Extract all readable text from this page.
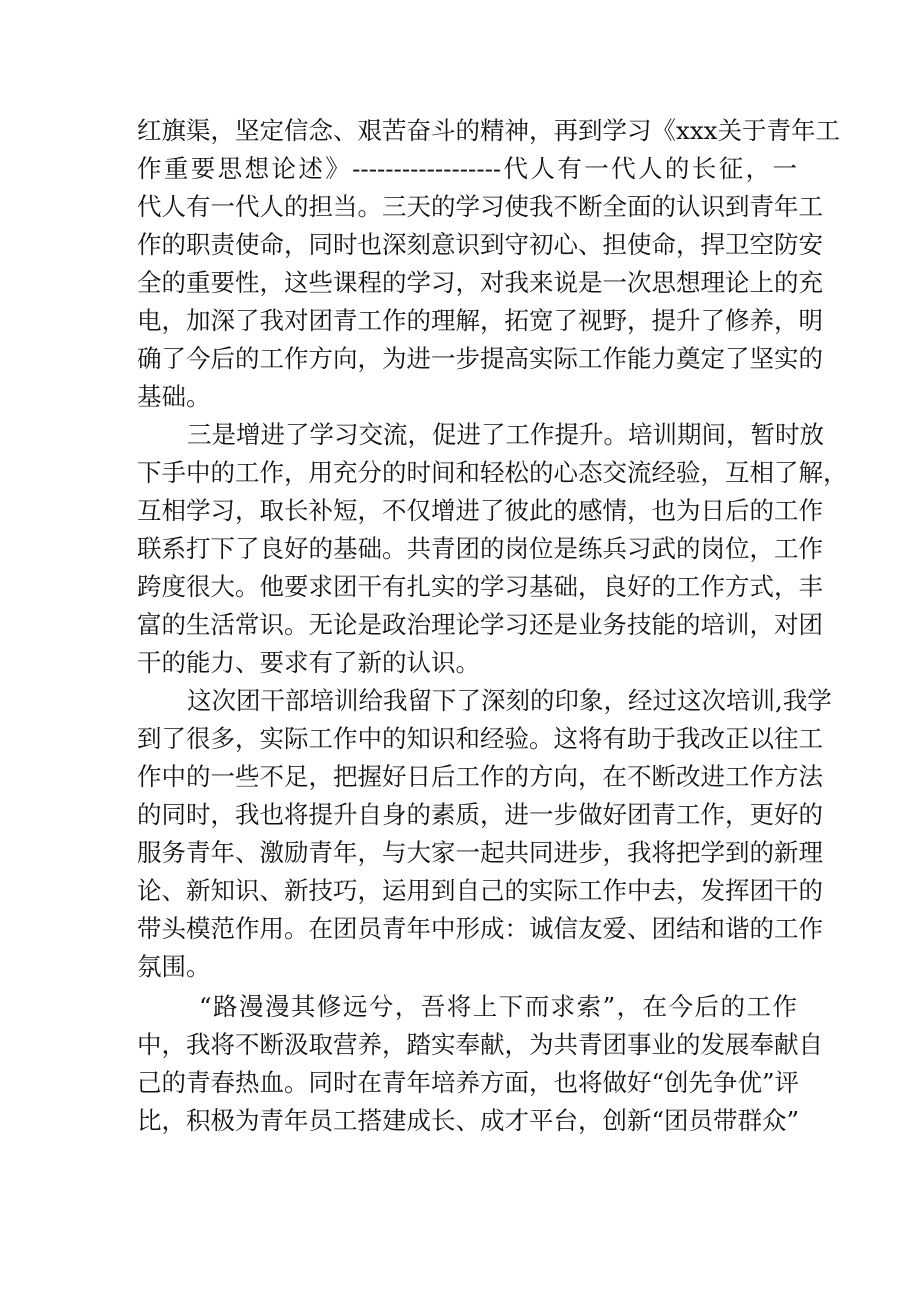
红旗渠，坚定信念、艰苦奋斗的精神，再到学习《xxx关于青年工
作重要思想论述》------------------代人有一代人的长征，一
代人有一代人的担当。三天的学习使我不断全面的认识到青年工
作的职责使命，同时也深刻意识到守初心、担使命，捍卫空防安
全的重要性，这些课程的学习，对我来说是一次思想理论上的充
电，加深了我对团青工作的理解，拓宽了视野，提升了修养，明
确了今后的工作方向，为进一步提高实际工作能力奠定了坚实的
基础。
三是增进了学习交流，促进了工作提升。培训期间，暂时放
下手中的工作，用充分的时间和轻松的心态交流经验，互相了解，
互相学习，取长补短，不仅增进了彼此的感情，也为日后的工作
联系打下了良好的基础。共青团的岗位是练兵习武的岗位，工作
跨度很大。他要求团干有扎实的学习基础，良好的工作方式，丰
富的生活常识。无论是政治理论学习还是业务技能的培训，对团
干的能力、要求有了新的认识。
这次团干部培训给我留下了深刻的印象，经过这次培训,我学
到了很多，实际工作中的知识和经验。这将有助于我改正以往工
作中的一些不足，把握好日后工作的方向，在不断改进工作方法
的同时，我也将提升自身的素质，进一步做好团青工作，更好的
服务青年、激励青年，与大家一起共同进步，我将把学到的新理
论、新知识、新技巧，运用到自己的实际工作中去，发挥团干的
带头模范作用。在团员青年中形成：诚信友爱、团结和谐的工作
氛围。
“路漫漫其修远兮，吾将上下而求索”，在今后的工作
中，我将不断汲取营养，踏实奉献，为共青团事业的发展奉献自
己的青春热血。同时在青年培养方面，也将做好“创先争优”评
比，积极为青年员工搭建成长、成才平台，创新“团员带群众”
